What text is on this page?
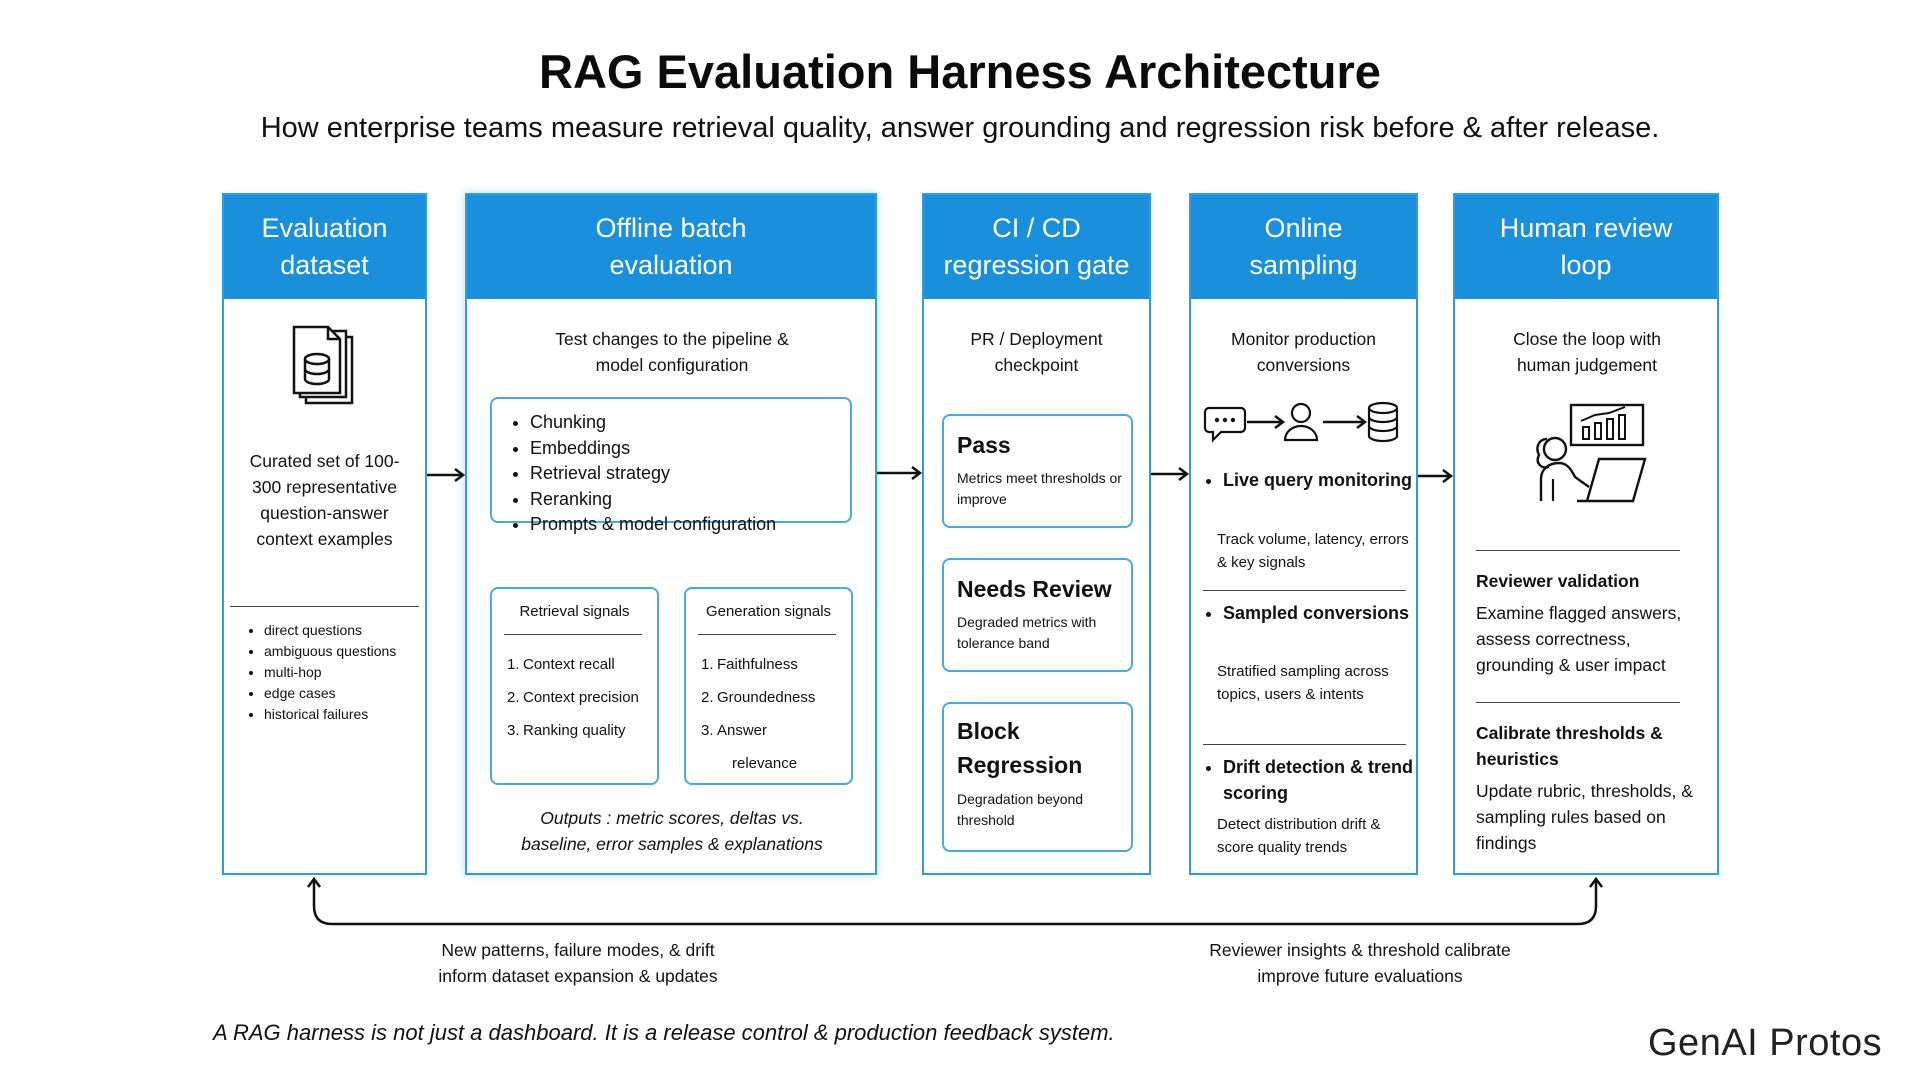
RAG Evaluation Harness Architecture
How enterprise teams measure retrieval quality, answer grounding and regression risk before & after release.
Evaluation
dataset
Curated set of 100-300 representative question-answer context examples
• direct questions
• ambiguous questions
• multi-hop
• edge cases
• historical failures
Offline batch
evaluation
Test changes to the pipeline & model configuration
• Chunking
• Embeddings
• Retrieval strategy
• Reranking
• Prompts & model configuration
Retrieval signals
1. Context recall
2. Context precision
3. Ranking quality
Generation signals
1. Faithfulness
2. Groundedness
3. Answer
relevance
Outputs : metric scores, deltas vs. baseline, error samples & explanations
CI / CD
regression gate
PR / Deployment checkpoint
Pass
Metrics meet thresholds or improve
Needs Review
Degraded metrics with tolerance band
Block Regression
Degradation beyond threshold
Online
sampling
Monitor production conversions
• Live query monitoring
Track volume, latency, errors & key signals
• Sampled conversions
Stratified sampling across topics, users & intents
• Drift detection & trend scoring
Detect distribution drift & score quality trends
Human review
loop
Close the loop with human judgement
Reviewer validation
Examine flagged answers, assess correctness, grounding & user impact
Calibrate thresholds & heuristics
Update rubric, thresholds, & sampling rules based on findings
New patterns, failure modes, & drift inform dataset expansion & updates
Reviewer insights & threshold calibrate improve future evaluations
A RAG harness is not just a dashboard. It is a release control & production feedback system.	GenAI Protos
